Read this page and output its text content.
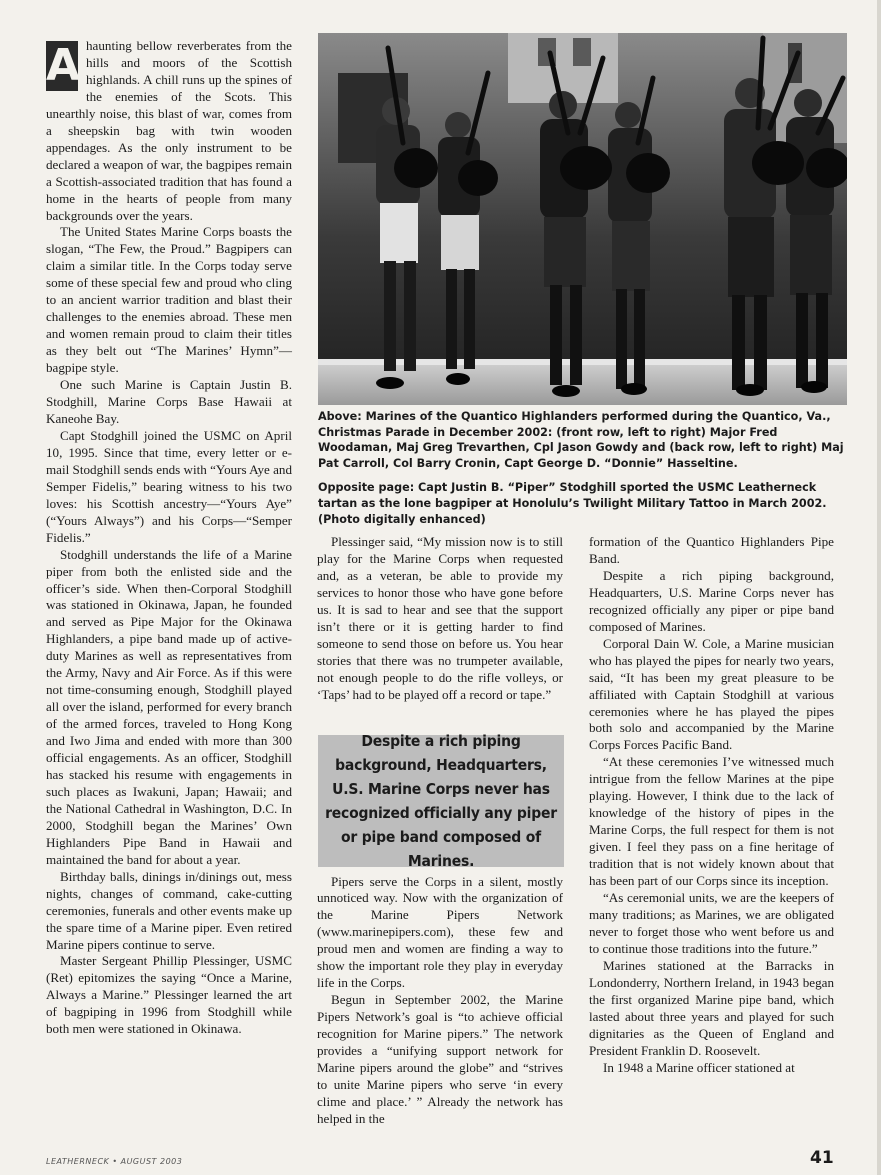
A haunting bellow reverberates from the hills and moors of the Scottish highlands. A chill runs up the spines of the enemies of the Scots. This unearthly noise, this blast of war, comes from a sheepskin bag with twin wooden appendages. As the only instrument to be declared a weapon of war, the bagpipes remain a Scottish-associated tradition that has found a home in the hearts of people from many backgrounds over the years.

The United States Marine Corps boasts the slogan, “The Few, the Proud.” Bagpipers can claim a similar title. In the Corps today serve some of these special few and proud who cling to an ancient warrior tradition and blast their challenges to the enemies abroad. These men and women remain proud to claim their titles as they belt out “The Marines’ Hymn”— bagpipe style.

One such Marine is Captain Justin B. Stodghill, Marine Corps Base Hawaii at Kaneohe Bay.

Capt Stodghill joined the USMC on April 10, 1995. Since that time, every letter or e-mail Stodghill sends ends with “Yours Aye and Semper Fidelis,” bearing witness to his two loves: his Scottish ancestry—“Yours Aye” (“Yours Always”) and his Corps—“Semper Fidelis.”

Stodghill understands the life of a Marine piper from both the enlisted side and the officer’s side. When then-Corporal Stodghill was stationed in Okinawa, Japan, he founded and served as Pipe Major for the Okinawa Highlanders, a pipe band made up of active-duty Marines as well as representatives from the Army, Navy and Air Force. As if this were not time-consuming enough, Stodghill played all over the island, performed for every branch of the armed forces, traveled to Hong Kong and Iwo Jima and ended with more than 300 official engagements. As an officer, Stodghill has stacked his resume with engagements in such places as Iwakuni, Japan; Hawaii; and the National Cathedral in Washington, D.C. In 2000, Stodghill began the Marines’ Own Highlanders Pipe Band in Hawaii and maintained the band for about a year.

Birthday balls, dinings in/dinings out, mess nights, changes of command, cake-cutting ceremonies, funerals and other events make up the spare time of a Marine piper. Even retired Marine pipers continue to serve.

Master Sergeant Phillip Plessinger, USMC (Ret) epitomizes the saying “Once a Marine, Always a Marine.” Plessinger learned the art of bagpiping in 1996 from Stodghill while both men were stationed in Okinawa.

Above: Marines of the Quantico Highlanders performed during the Quantico, Va., Christmas Parade in December 2002: (front row, left to right) Major Fred Woodaman, Maj Greg Trevarthen, Cpl Jason Gowdy and (back row, left to right) Maj Pat Carroll, Col Barry Cronin, Capt George D. “Donnie” Hasseltine.

Opposite page: Capt Justin B. “Piper” Stodghill sported the USMC Leatherneck tartan as the lone bagpiper at Honolulu’s Twilight Military Tattoo in March 2002. (Photo digitally enhanced)

Plessinger said, “My mission now is to still play for the Marine Corps when requested and, as a veteran, be able to provide my services to honor those who have gone before us. It is sad to hear and see that the support isn’t there or it is getting harder to find someone to send those on before us. You hear stories that there was no trumpeter available, not enough people to do the rifle volleys, or ‘Taps’ had to be played off a record or tape.”

Pipers serve the Corps in a silent, mostly unnoticed way. Now with the organization of the Marine Pipers Network (www.marinepipers.com), these few and proud men and women are finding a way to show the important role they play in everyday life in the Corps.

Begun in September 2002, the Marine Pipers Network’s goal is “to achieve official recognition for Marine pipers.” The network provides a “unifying support network for Marine pipers around the globe” and “strives to unite Marine pipers who serve ‘in every clime and place.’ ” Already the network has helped in the

Despite a rich piping background, Headquarters, U.S. Marine Corps never has recognized officially any piper or pipe band composed of Marines.

formation of the Quantico Highlanders Pipe Band.

Despite a rich piping background, Headquarters, U.S. Marine Corps never has recognized officially any piper or pipe band composed of Marines.

Corporal Dain W. Cole, a Marine musician who has played the pipes for nearly two years, said, “It has been my great pleasure to be affiliated with Captain Stodghill at various ceremonies where he has played the pipes both solo and accompanied by the Marine Corps Forces Pacific Band.

“At these ceremonies I’ve witnessed much intrigue from the fellow Marines at the pipe playing. However, I think due to the lack of knowledge of the history of pipes in the Marine Corps, the full respect for them is not given. I feel they pass on a fine heritage of tradition that is not widely known about that has been part of our Corps since its inception.

“As ceremonial units, we are the keepers of many traditions; as Marines, we are obligated never to forget those who went before us and to continue those traditions into the future.”

Marines stationed at the Barracks in Londonderry, Northern Ireland, in 1943 began the first organized Marine pipe band, which lasted about three years and played for such dignitaries as the Queen of England and President Franklin D. Roosevelt.

In 1948 a Marine officer stationed at

LEATHERNECK • AUGUST 2003	41
